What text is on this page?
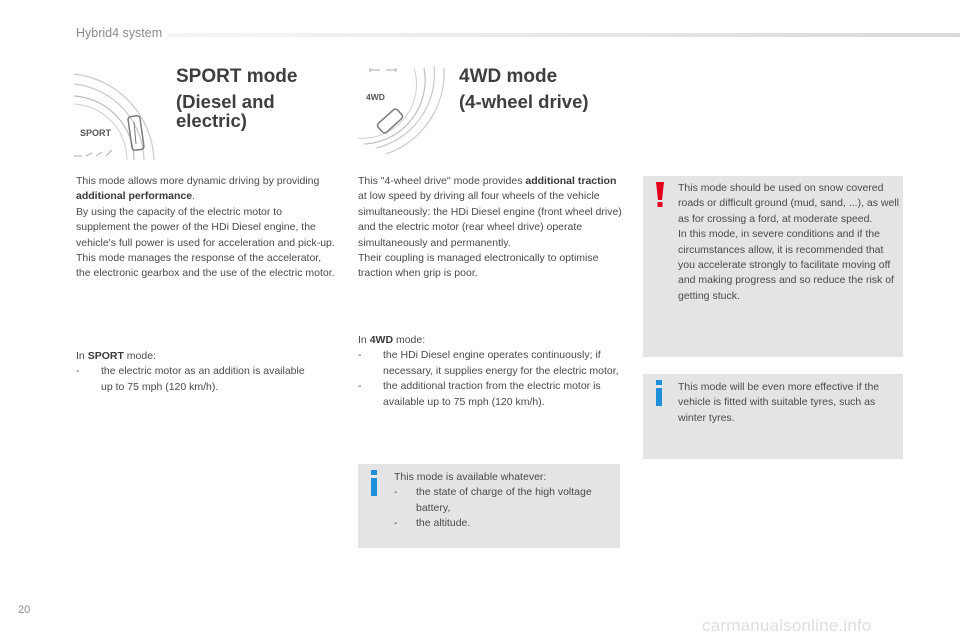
Hybrid4 system
20
carmanualsonline.info
SPORT
4WD
SPORT mode
(Diesel and electric)
4WD mode
(4-wheel drive)
This mode allows more dynamic driving by providing additional performance.
By using the capacity of the electric motor to supplement the power of the HDi Diesel engine, the vehicle's full power is used for acceleration and pick-up.
This mode manages the response of the accelerator, the electronic gearbox and the use of the electric motor.
In SPORT mode:
- the electric motor as an addition is available up to 75 mph (120 km/h).
This "4-wheel drive" mode provides additional traction at low speed by driving all four wheels of the vehicle simultaneously: the HDi Diesel engine (front wheel drive) and the electric motor (rear wheel drive) operate simultaneously and permanently.
Their coupling is managed electronically to optimise traction when grip is poor.
In 4WD mode:
- the HDi Diesel engine operates continuously; if necessary, it supplies energy for the electric motor,
- the additional traction from the electric motor is available up to 75 mph (120 km/h).
This mode is available whatever:
- the state of charge of the high voltage battery,
- the altitude.
This mode should be used on snow covered roads or difficult ground (mud, sand, ...), as well as for crossing a ford, at moderate speed.
In this mode, in severe conditions and if the circumstances allow, it is recommended that you accelerate strongly to facilitate moving off and making progress and so reduce the risk of getting stuck.
This mode will be even more effective if the vehicle is fitted with suitable tyres, such as winter tyres.
